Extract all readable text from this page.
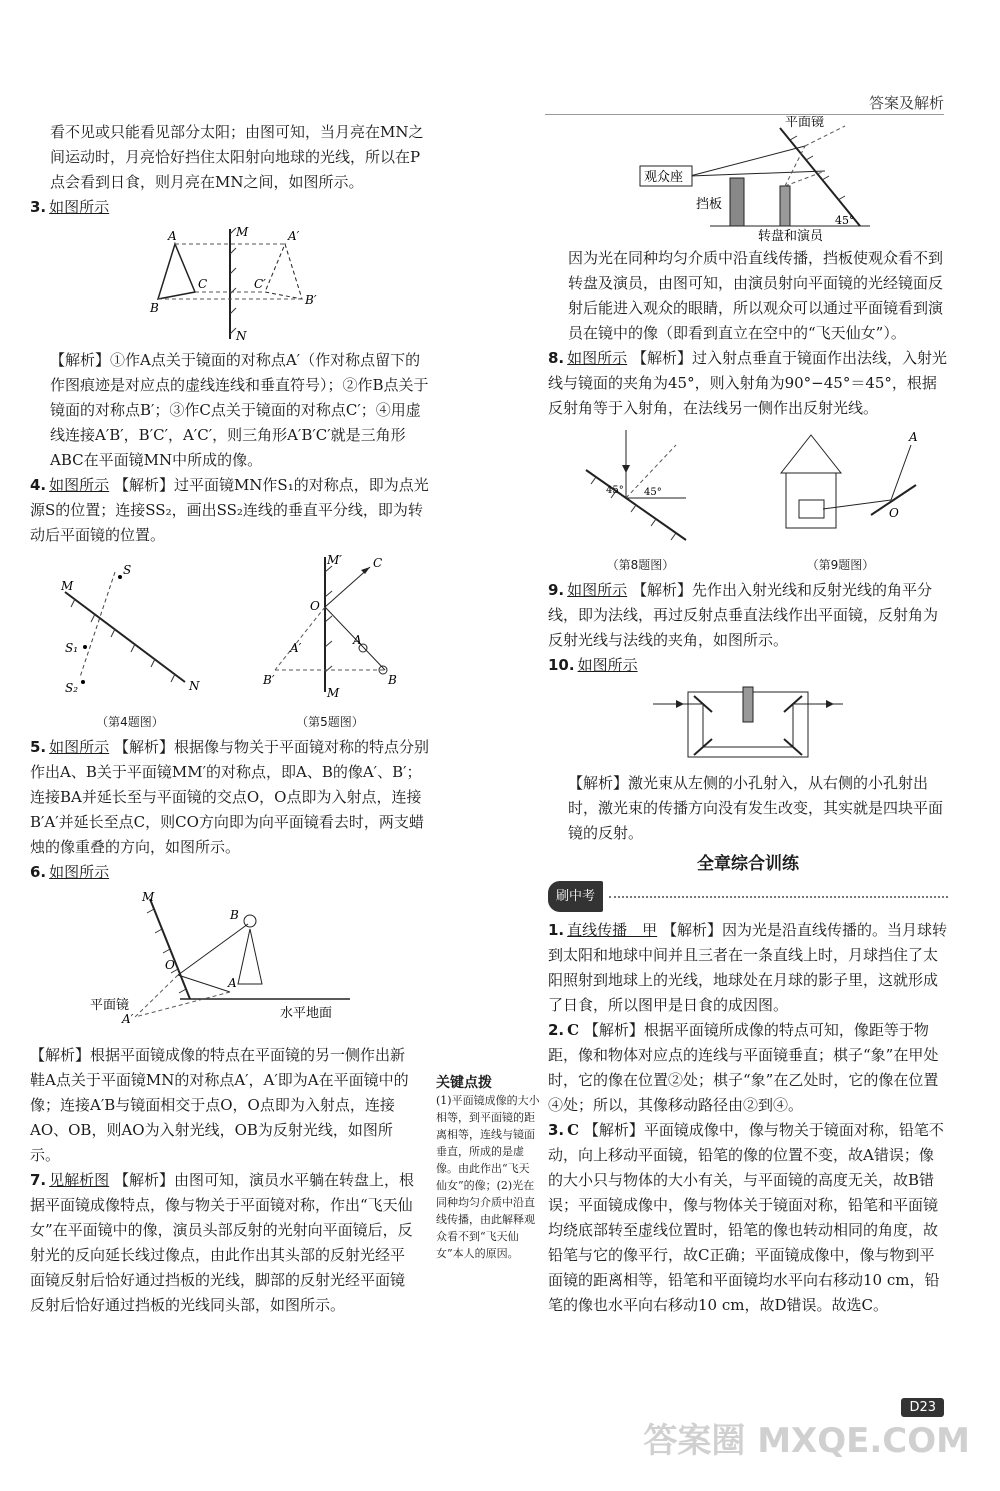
答案及解析

看不见或只能看见部分太阳；由图可知，当月亮在MN之间运动时，月亮恰好挡住太阳射向地球的光线，所以在P点会看到日食，则月亮在MN之间，如图所示。

3. 如图所示

A
B
C
A′
B′
C′
M
N

【解析】①作A点关于镜面的对称点A′（作对称点留下的作图痕迹是对应点的虚线连线和垂直符号）；②作B点关于镜面的对称点B′；③作C点关于镜面的对称点C′；④用虚线连接A′B′，B′C′，A′C′，则三角形A′B′C′就是三角形ABC在平面镜MN中所成的像。

4. 如图所示 【解析】过平面镜MN作S₁的对称点，即为点光源S的位置；连接SS₂，画出SS₂连线的垂直平分线，即为转动后平面镜的位置。

S
S₁
S₂
M
N
（第4题图）
O
C
M′
M
A
B
A′
B′
（第5题图）

5. 如图所示 【解析】根据像与物关于平面镜对称的特点分别作出A、B关于平面镜MM′的对称点，即A、B的像A′、B′；连接BA并延长至与平面镜的交点O，O点即为入射点，连接B′A′并延长至点C，则CO方向即为向平面镜看去时，两支蜡烛的像重叠的方向，如图所示。

6. 如图所示

M
B
O
A
A′
平面镜
水平地面

【解析】根据平面镜成像的特点在平面镜的另一侧作出新鞋A点关于平面镜MN的对称点A′，A′即为A在平面镜中的像；连接A′B与镜面相交于点O，O点即为入射点，连接AO、OB，则AO为入射光线，OB为反射光线，如图所示。

7. 见解析图 【解析】由图可知，演员水平躺在转盘上，根据平面镜成像特点，像与物关于平面镜对称，作出“飞天仙女”在平面镜中的像，演员头部反射的光射向平面镜后，反射光的反向延长线过像点，由此作出其头部的反射光经平面镜反射后恰好通过挡板的光线，脚部的反射光经平面镜反射后恰好通过挡板的光线同头部，如图所示。

关键点拨
(1)平面镜成像的大小相等，到平面镜的距离相等，连线与镜面垂直，所成的是虚像。由此作出“飞天仙女”的像；(2)光在同种均匀介质中沿直线传播，由此解释观众看不到“飞天仙女”本人的原因。
观众座
平面镜
挡板
转盘和演员
45°

因为光在同种均匀介质中沿直线传播，挡板使观众看不到转盘及演员，由图可知，由演员射向平面镜的光经镜面反射后能进入观众的眼睛，所以观众可以通过平面镜看到演员在镜中的像（即看到直立在空中的“飞天仙女”）。

8. 如图所示 【解析】过入射点垂直于镜面作出法线，入射光线与镜面的夹角为45°，则入射角为90°−45°＝45°，根据反射角等于入射角，在法线另一侧作出反射光线。

45° 45°
（第8题图）
A
O
（第9题图）

9. 如图所示 【解析】先作出入射光线和反射光线的角平分线，即为法线，再过反射点垂直法线作出平面镜，反射角为反射光线与法线的夹角，如图所示。

10. 如图所示

【解析】激光束从左侧的小孔射入，从右侧的小孔射出时，激光束的传播方向没有发生改变，其实就是四块平面镜的反射。

全章综合训练
刷中考

1. 直线传播　甲 【解析】因为光是沿直线传播的。当月球转到太阳和地球中间并且三者在一条直线上时，月球挡住了太阳照射到地球上的光线，地球处在月球的影子里，这就形成了日食，所以图甲是日食的成因图。

2. C 【解析】根据平面镜所成像的特点可知，像距等于物距，像和物体对应点的连线与平面镜垂直；棋子“象”在甲处时，它的像在位置②处；棋子“象”在乙处时，它的像在位置④处；所以，其像移动路径由②到④。

3. C 【解析】平面镜成像中，像与物关于镜面对称，铅笔不动，向上移动平面镜，铅笔的像的位置不变，故A错误；像的大小只与物体的大小有关，与平面镜的高度无关，故B错误；平面镜成像中，像与物体关于镜面对称，铅笔和平面镜均绕底部转至虚线位置时，铅笔的像也转动相同的角度，故铅笔与它的像平行，故C正确；平面镜成像中，像与物到平面镜的距离相等，铅笔和平面镜均水平向右移动10 cm，铅笔的像也水平向右移动10 cm，故D错误。故选C。

D23
答案圈 MXQE.COM
